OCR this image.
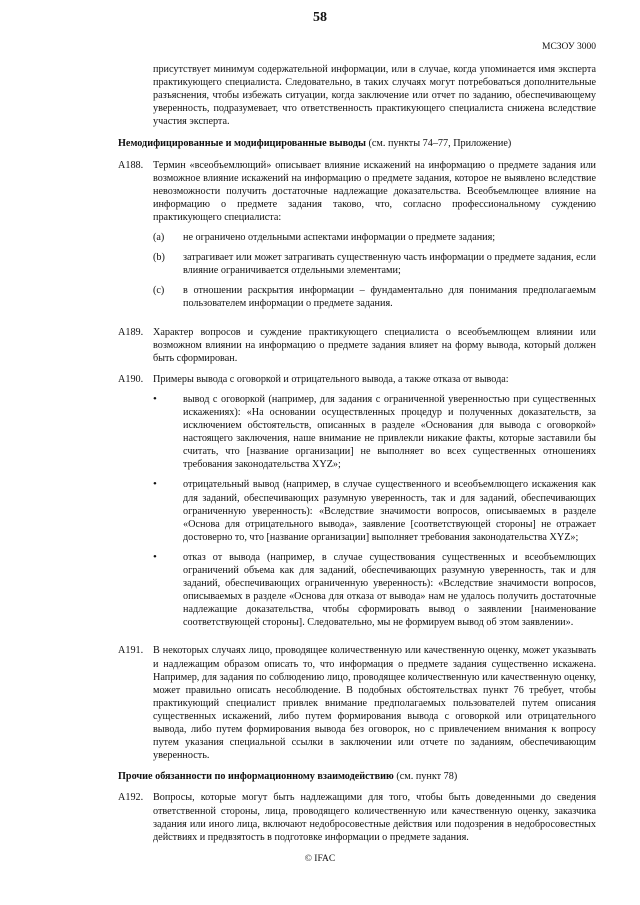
58
МСЗОУ 3000

присутствует минимум содержательной информации, или в случае, когда упоминается имя эксперта практикующего специалиста. Следовательно, в таких случаях могут потребоваться дополнительные разъяснения, чтобы избежать ситуации, когда заключение или отчет по заданию, обеспечивающему уверенность, подразумевает, что ответственность практикующего специалиста снижена вследствие участия эксперта.

Немодифицированные и модифицированные выводы (см. пункты 74–77, Приложение)

A188. Термин «всеобъемлющий» описывает влияние искажений на информацию о предмете задания или возможное влияние искажений на информацию о предмете задания, которое не выявлено вследствие невозможности получить достаточные надлежащие доказательства. Всеобъемлющее влияние на информацию о предмете задания таково, что, согласно профессиональному суждению практикующего специалиста:

(a)	не ограничено отдельными аспектами информации о предмете задания;

(b)	затрагивает или может затрагивать существенную часть информации о предмете задания, если влияние ограничивается отдельными элементами;

(c)	в отношении раскрытия информации – фундаментально для понимания предполагаемым пользователем информации о предмете задания.

A189. Характер вопросов и суждение практикующего специалиста о всеобъемлющем влиянии или возможном влиянии на информацию о предмете задания влияет на форму вывода, который должен быть сформирован.

A190. Примеры вывода с оговоркой и отрицательного вывода, а также отказа от вывода:

•	вывод с оговоркой (например, для задания с ограниченной уверенностью при существенных искажениях): «На основании осуществленных процедур и полученных доказательств, за исключением обстоятельств, описанных в разделе «Основания для вывода с оговоркой» настоящего заключения, наше внимание не привлекли никакие факты, которые заставили бы считать, что [название организации] не выполняет во всех существенных отношениях требования законодательства XYZ»;

•	отрицательный вывод (например, в случае существенного и всеобъемлющего искажения как для заданий, обеспечивающих разумную уверенность, так и для заданий, обеспечивающих ограниченную уверенность): «Вследствие значимости вопросов, описываемых в разделе «Основа для отрицательного вывода», заявление [соответствующей стороны] не отражает достоверно то, что [название организации] выполняет требования законодательства XYZ»;

•	отказ от вывода (например, в случае существования существенных и всеобъемлющих ограничений объема как для заданий, обеспечивающих разумную уверенность, так и для заданий, обеспечивающих ограниченную уверенность): «Вследствие значимости вопросов, описываемых в разделе «Основа для отказа от вывода» нам не удалось получить достаточные надлежащие доказательства, чтобы сформировать вывод о заявлении [наименование соответствующей стороны]. Следовательно, мы не формируем вывод об этом заявлении».

A191. В некоторых случаях лицо, проводящее количественную или качественную оценку, может указывать и надлежащим образом описать то, что информация о предмете задания существенно искажена. Например, для задания по соблюдению лицо, проводящее количественную или качественную оценку, может правильно описать несоблюдение. В подобных обстоятельствах пункт 76 требует, чтобы практикующий специалист привлек внимание предполагаемых пользователей путем описания существенных искажений, либо путем формирования вывода с оговоркой или отрицательного вывода, либо путем формирования вывода без оговорок, но с привлечением внимания к вопросу путем указания специальной ссылки в заключении или отчете по заданиям, обеспечивающим уверенность.

Прочие обязанности по информационному взаимодействию (см. пункт 78)

A192. Вопросы, которые могут быть надлежащими для того, чтобы быть доведенными до сведения ответственной стороны, лица, проводящего количественную или качественную оценку, заказчика задания или иного лица, включают недобросовестные действия или подозрения в недобросовестных действиях и предвзятость в подготовке информации о предмете задания.

© IFAC
